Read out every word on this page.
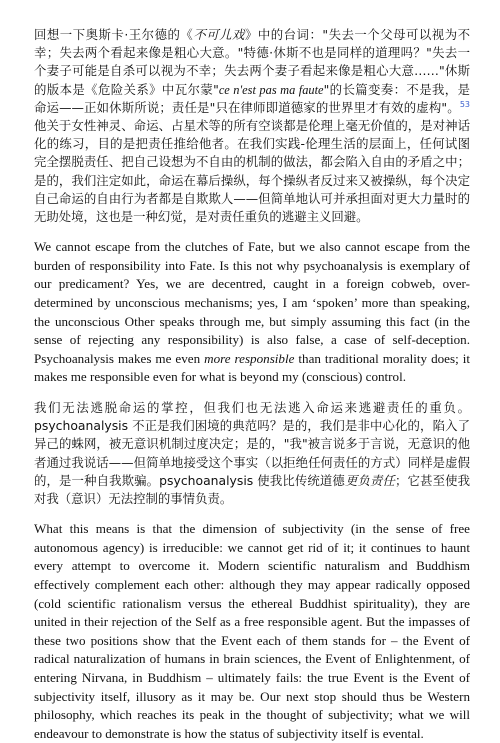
回想一下奥斯卡·王尔德的《不可儿戏》中的台词："失去一个父母可以视为不幸；失去两个看起来像是粗心大意。"特德·休斯不也是同样的道理吗？"失去一个妻子可能是自杀可以视为不幸；失去两个妻子看起来像是粗心大意……"休斯的版本是《危险关系》中瓦尔蒙"ce n'est pas ma faute"的长篇变奏：不是我，是命运——正如休斯所说；责任是"只在律师即道德家的世界里才有效的虚构"。$^{53}$他关于女性神灵、命运、占星术等的所有空谈都是伦理上毫无价值的，是对神话化的练习，目的是把责任推给他者。在我们实践-伦理生活的层面上，任何试图完全摆脱责任、把自己设想为不自由的机制的做法，都会陷入自由的矛盾之中；是的，我们注定如此，命运在幕后操纵，每个操纵者反过来又被操纵，每个决定自己命运的自由行为者都是自欺欺人——但简单地认可并承担面对更大力量时的无助处境，这也是一种幻觉，是对责任重负的逃避主义回避。

We cannot escape from the clutches of Fate, but we also cannot escape from the burden of responsibility into Fate. Is this not why psychoanalysis is exemplary of our predicament? Yes, we are decentred, caught in a foreign cobweb, over-determined by unconscious mechanisms; yes, I am ‘spoken’ more than speaking, the unconscious Other speaks through me, but simply assuming this fact (in the sense of rejecting any responsibility) is also false, a case of self-deception. Psychoanalysis makes me even more responsible than traditional morality does; it makes me responsible even for what is beyond my (conscious) control.

我们无法逃脱命运的掌控，但我们也无法逃入命运来逃避责任的重负。psychoanalysis 不正是我们困境的典范吗？是的，我们是非中心化的，陷入了异己的蛛网，被无意识机制过度决定；是的，"我"被言说多于言说，无意识的他者通过我说话——但简单地接受这个事实（以拒绝任何责任的方式）同样是虚假的，是一种自我欺骗。psychoanalysis 使我比传统道德更负责任；它甚至使我对我（意识）无法控制的事情负责。

What this means is that the dimension of subjectivity (in the sense of free autonomous agency) is irreducible: we cannot get rid of it; it continues to haunt every attempt to overcome it. Modern scientific naturalism and Buddhism effectively complement each other: although they may appear radically opposed (cold scientific rationalism versus the ethereal Buddhist spirituality), they are united in their rejection of the Self as a free responsible agent. But the impasses of these two positions show that the Event each of them stands for – the Event of radical naturalization of humans in brain sciences, the Event of Enlightenment, of entering Nirvana, in Buddhism – ultimately fails: the true Event is the Event of subjectivity itself, illusory as it may be. Our next stop should thus be Western philosophy, which reaches its peak in the thought of subjectivity; what we will endeavour to demonstrate is how the status of subjectivity itself is evental.
